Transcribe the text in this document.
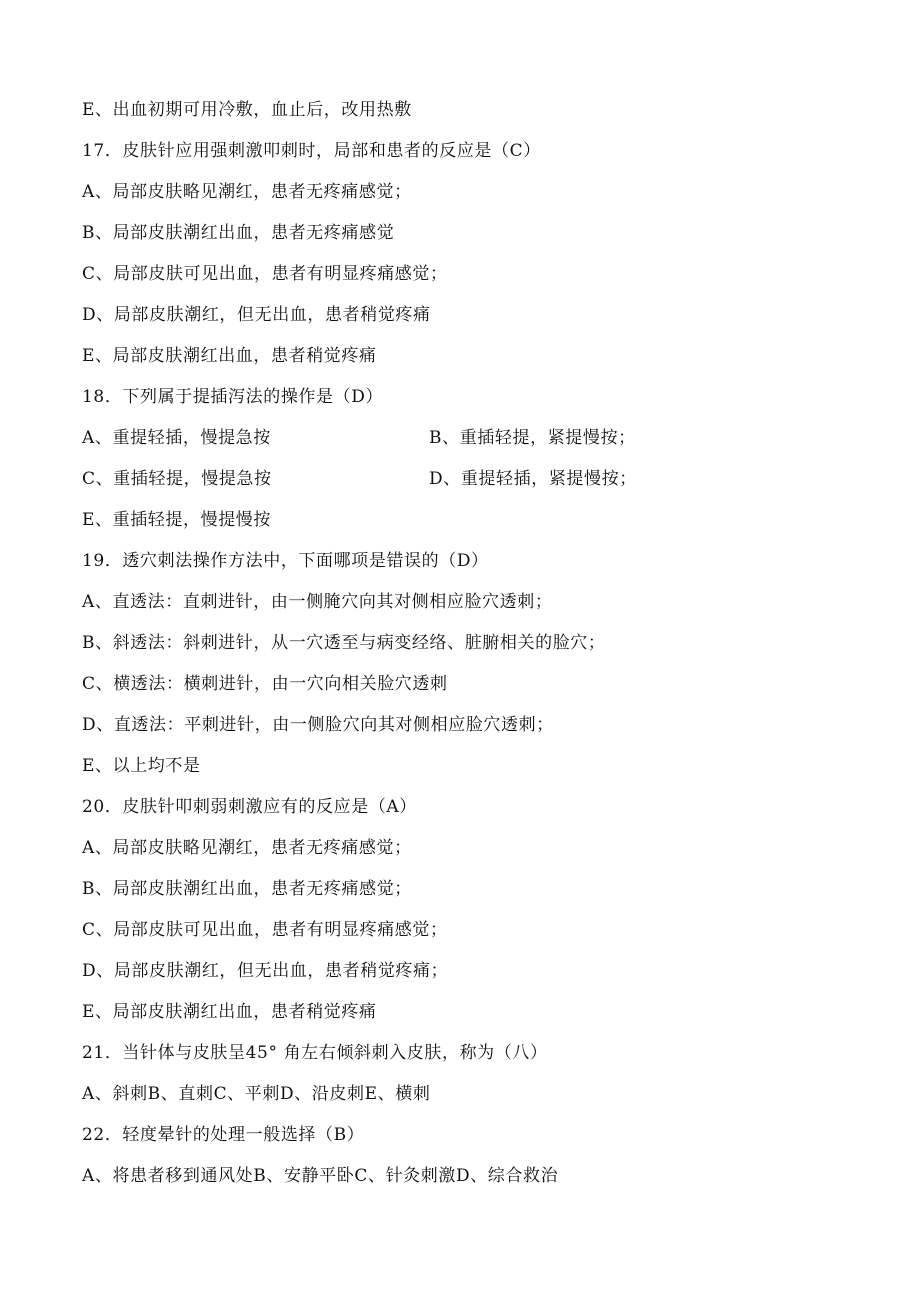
E、出血初期可用冷敷，血止后，改用热敷
17．皮肤针应用强刺激叩刺时，局部和患者的反应是（C）
A、局部皮肤略见潮红，患者无疼痛感觉；
B、局部皮肤潮红出血，患者无疼痛感觉
C、局部皮肤可见出血，患者有明显疼痛感觉；
D、局部皮肤潮红，但无出血，患者稍觉疼痛
E、局部皮肤潮红出血，患者稍觉疼痛
18．下列属于提插泻法的操作是（D）
A、重提轻插，慢提急按	B、重插轻提，紧提慢按；
C、重插轻提，慢提急按	D、重提轻插，紧提慢按；
E、重插轻提，慢提慢按
19．透穴刺法操作方法中，下面哪项是错误的（D）
A、直透法：直刺进针，由一侧腌穴向其对侧相应脸穴透刺；
B、斜透法：斜刺进针，从一穴透至与病变经络、脏腑相关的脸穴；
C、横透法：横刺进针，由一穴向相关脸穴透刺
D、直透法：平刺进针，由一侧脸穴向其对侧相应脸穴透刺；
E、以上均不是
20．皮肤针叩刺弱刺激应有的反应是（A）
A、局部皮肤略见潮红，患者无疼痛感觉；
B、局部皮肤潮红出血，患者无疼痛感觉；
C、局部皮肤可见出血，患者有明显疼痛感觉；
D、局部皮肤潮红，但无出血，患者稍觉疼痛；
E、局部皮肤潮红出血，患者稍觉疼痛
21．当针体与皮肤呈45° 角左右倾斜刺入皮肤，称为（八）
A、斜刺B、直刺C、平刺D、沿皮刺E、横刺
22．轻度晕针的处理一般选择（B）
A、将患者移到通风处B、安静平卧C、针灸刺激D、综合救治
